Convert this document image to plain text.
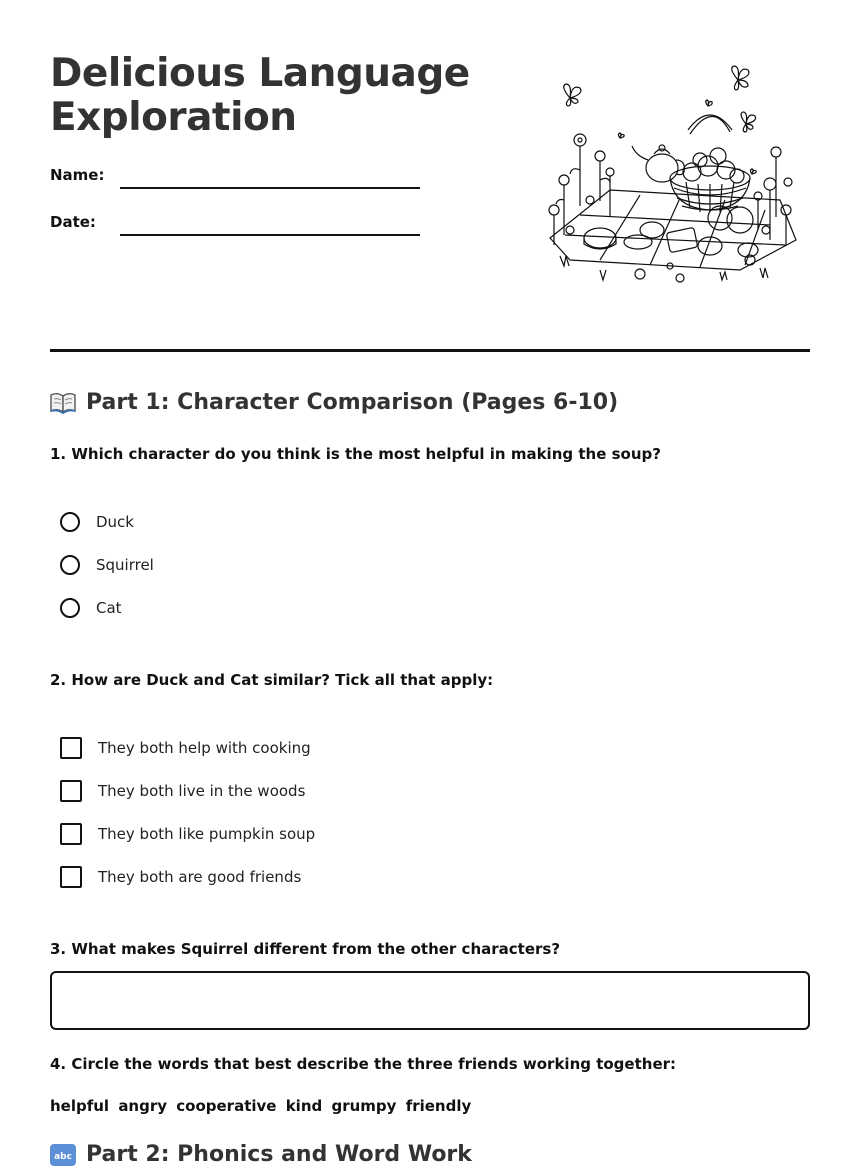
Delicious Language
Exploration
Name:
Date:
Part 1: Character Comparison (Pages 6-10)

1. Which character do you think is the most helpful in making the soup?

Duck
Squirrel
Cat

2. How are Duck and Cat similar? Tick all that apply:

They both help with cooking
They both live in the woods
They both like pumpkin soup
They both are good friends

3. What makes Squirrel different from the other characters?

4. Circle the words that best describe the three friends working together:

helpful angry cooperative kind grumpy friendly

abc Part 2: Phonics and Word Work
